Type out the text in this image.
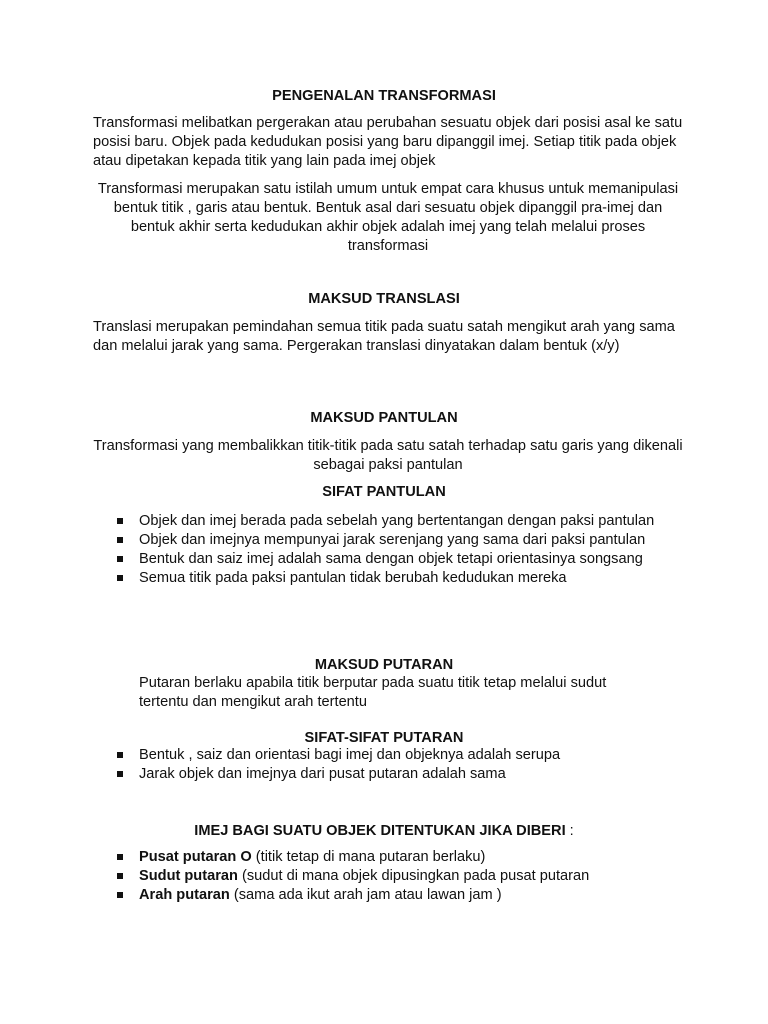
PENGENALAN TRANSFORMASI

Transformasi melibatkan pergerakan atau perubahan sesuatu objek dari posisi asal ke satu posisi baru. Objek pada kedudukan posisi yang baru dipanggil imej. Setiap titik pada objek atau dipetakan kepada titik yang lain pada imej objek

Transformasi merupakan satu istilah umum untuk empat cara khusus untuk memanipulasi bentuk titik , garis atau bentuk. Bentuk asal dari sesuatu objek dipanggil pra-imej dan bentuk akhir serta kedudukan akhir objek adalah imej yang telah melalui proses transformasi

MAKSUD TRANSLASI

Translasi merupakan pemindahan semua titik pada suatu satah mengikut arah yang sama dan melalui jarak yang sama. Pergerakan translasi dinyatakan dalam bentuk (x/y)

MAKSUD PANTULAN

Transformasi yang membalikkan titik-titik pada satu satah terhadap satu garis yang dikenali sebagai paksi pantulan

SIFAT PANTULAN
Objek dan imej berada pada sebelah yang bertentangan dengan paksi pantulan
Objek dan imejnya mempunyai jarak serenjang yang sama dari paksi pantulan
Bentuk dan saiz imej adalah sama dengan objek tetapi orientasinya songsang
Semua titik pada paksi pantulan tidak berubah kedudukan mereka
MAKSUD PUTARAN

Putaran berlaku apabila titik berputar pada suatu titik tetap melalui sudut tertentu dan mengikut arah tertentu

SIFAT-SIFAT PUTARAN
Bentuk , saiz dan orientasi bagi imej dan objeknya adalah serupa
Jarak objek dan imejnya dari pusat putaran adalah sama
IMEJ BAGI SUATU OBJEK DITENTUKAN JIKA DIBERI :
Pusat putaran O (titik tetap di mana putaran berlaku)
Sudut putaran (sudut di mana objek dipusingkan pada pusat putaran
Arah putaran (sama ada ikut arah jam atau lawan jam )
